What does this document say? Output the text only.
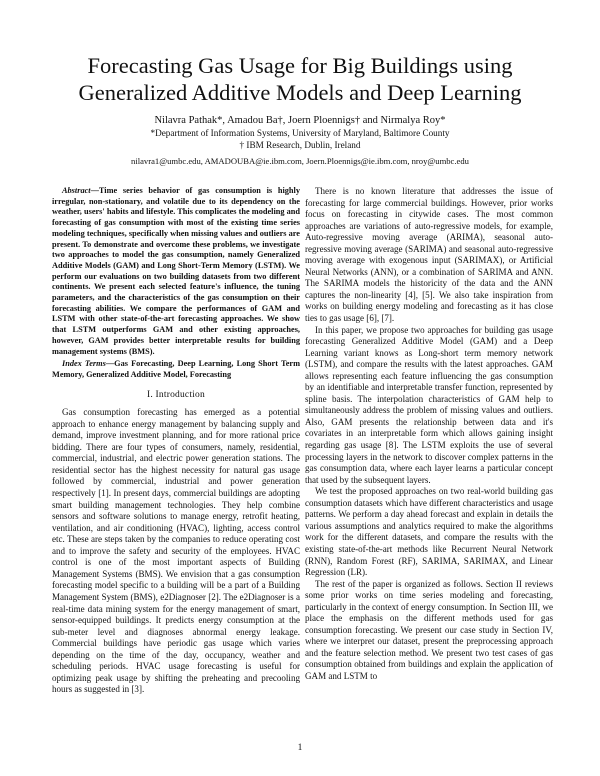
Forecasting Gas Usage for Big Buildings using Generalized Additive Models and Deep Learning
Nilavra Pathak*, Amadou Ba†, Joern Ploennigs† and Nirmalya Roy*
*Department of Information Systems, University of Maryland, Baltimore County
† IBM Research, Dublin, Ireland
nilavra1@umbc.edu, AMADOUBA@ie.ibm.com, Joern.Ploennigs@ie.ibm.com, nroy@umbc.edu
Abstract—Time series behavior of gas consumption is highly irregular, non-stationary, and volatile due to its dependency on the weather, users' habits and lifestyle. This complicates the modeling and forecasting of gas consumption with most of the existing time series modeling techniques, specifically when missing values and outliers are present. To demonstrate and overcome these problems, we investigate two approaches to model the gas consumption, namely Generalized Additive Models (GAM) and Long Short-Term Memory (LSTM). We perform our evaluations on two building datasets from two different continents. We present each selected feature's influence, the tuning parameters, and the characteristics of the gas consumption on their forecasting abilities. We compare the performances of GAM and LSTM with other state-of-the-art forecasting approaches. We show that LSTM outperforms GAM and other existing approaches, however, GAM provides better interpretable results for building management systems (BMS).
Index Terms—Gas Forecasting, Deep Learning, Long Short Term Memory, Generalized Additive Model, Forecasting
I. Introduction

Gas consumption forecasting has emerged as a potential approach to enhance energy management by balancing supply and demand, improve investment planning, and for more rational price bidding. There are four types of consumers, namely, residential, commercial, industrial, and electric power generation stations. The residential sector has the highest necessity for natural gas usage followed by commercial, industrial and power generation respectively [1]. In present days, commercial buildings are adopting smart building management technologies. They help combine sensors and software solutions to manage energy, retrofit heating, ventilation, and air conditioning (HVAC), lighting, access control etc. These are steps taken by the companies to reduce operating cost and to improve the safety and security of the employees. HVAC control is one of the most important aspects of Building Management Systems (BMS). We envision that a gas consumption forecasting model specific to a building will be a part of a Building Management System (BMS), e2Diagnoser [2]. The e2Diagnoser is a real-time data mining system for the energy management of smart, sensor-equipped buildings. It predicts energy consumption at the sub-meter level and diagnoses abnormal energy leakage. Commercial buildings have periodic gas usage which varies depending on the time of the day, occupancy, weather and scheduling periods. HVAC usage forecasting is useful for optimizing peak usage by shifting the preheating and precooling hours as suggested in [3].

There is no known literature that addresses the issue of forecasting for large commercial buildings. However, prior works focus on forecasting in citywide cases. The most common approaches are variations of auto-regressive models, for example, Auto-regressive moving average (ARIMA), seasonal auto-regressive moving average (SARIMA) and seasonal auto-regressive moving average with exogenous input (SARIMAX), or Artificial Neural Networks (ANN), or a combination of SARIMA and ANN. The SARIMA models the historicity of the data and the ANN captures the non-linearity [4], [5]. We also take inspiration from works on building energy modeling and forecasting as it has close ties to gas usage [6], [7].

In this paper, we propose two approaches for building gas usage forecasting Generalized Additive Model (GAM) and a Deep Learning variant knows as Long-short term memory network (LSTM), and compare the results with the latest approaches. GAM allows representing each feature influencing the gas consumption by an identifiable and interpretable transfer function, represented by spline basis. The interpolation characteristics of GAM help to simultaneously address the problem of missing values and outliers. Also, GAM presents the relationship between data and it's covariates in an interpretable form which allows gaining insight regarding gas usage [8]. The LSTM exploits the use of several processing layers in the network to discover complex patterns in the gas consumption data, where each layer learns a particular concept that used by the subsequent layers.

We test the proposed approaches on two real-world building gas consumption datasets which have different characteristics and usage patterns. We perform a day ahead forecast and explain in details the various assumptions and analytics required to make the algorithms work for the different datasets, and compare the results with the existing state-of-the-art methods like Recurrent Neural Network (RNN), Random Forest (RF), SARIMA, SARIMAX, and Linear Regression (LR).

The rest of the paper is organized as follows. Section II reviews some prior works on time series modeling and forecasting, particularly in the context of energy consumption. In Section III, we place the emphasis on the different methods used for gas consumption forecasting. We present our case study in Section IV, where we interpret our dataset, present the preprocessing approach and the feature selection method. We present two test cases of gas consumption obtained from buildings and explain the application of GAM and LSTM to

1
